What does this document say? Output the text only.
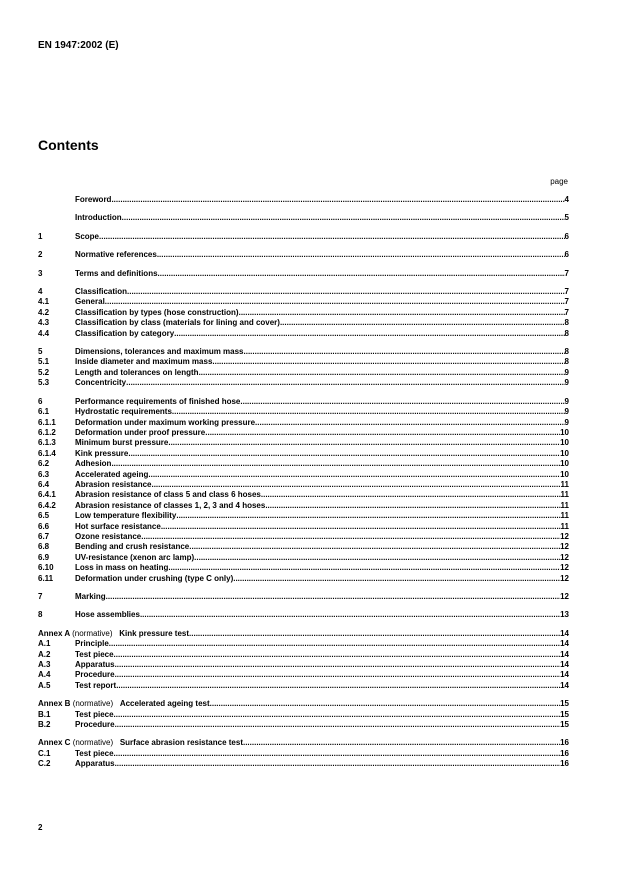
EN 1947:2002 (E)
Contents
page
Foreword .....	4
Introduction .....	5
1	Scope .....	6
2	Normative references .....	6
3	Terms and definitions .....	7
4	Classification .....	7
4.1	General .....	7
4.2	Classification by types (hose construction) .....	7
4.3	Classification by class (materials for lining and cover) .....	8
4.4	Classification by category .....	8
5	Dimensions, tolerances and maximum mass .....	8
5.1	Inside diameter and maximum mass .....	8
5.2	Length and tolerances on length .....	9
5.3	Concentricity .....	9
6	Performance requirements of finished hose .....	9
6.1	Hydrostatic requirements .....	9
6.1.1	Deformation under maximum working pressure .....	9
6.1.2	Deformation under proof pressure .....	10
6.1.3	Minimum burst pressure .....	10
6.1.4	Kink pressure .....	10
6.2	Adhesion .....	10
6.3	Accelerated ageing .....	10
6.4	Abrasion resistance .....	11
6.4.1	Abrasion resistance of class 5 and class 6 hoses .....	11
6.4.2	Abrasion resistance of classes 1, 2, 3 and 4 hoses .....	11
6.5	Low temperature flexibility .....	11
6.6	Hot surface resistance .....	11
6.7	Ozone resistance .....	12
6.8	Bending and crush resistance .....	12
6.9	UV-resistance (xenon arc lamp) .....	12
6.10	Loss in mass on heating .....	12
6.11	Deformation under crushing (type C only) .....	12
7	Marking .....	12
8	Hose assemblies .....	13
Annex A (normative) Kink pressure test .....	14
A.1	Principle .....	14
A.2	Test piece .....	14
A.3	Apparatus .....	14
A.4	Procedure .....	14
A.5	Test report .....	14
Annex B (normative) Accelerated ageing test .....	15
B.1	Test piece .....	15
B.2	Procedure .....	15
Annex C (normative) Surface abrasion resistance test .....	16
C.1	Test piece .....	16
C.2	Apparatus .....	16
2
